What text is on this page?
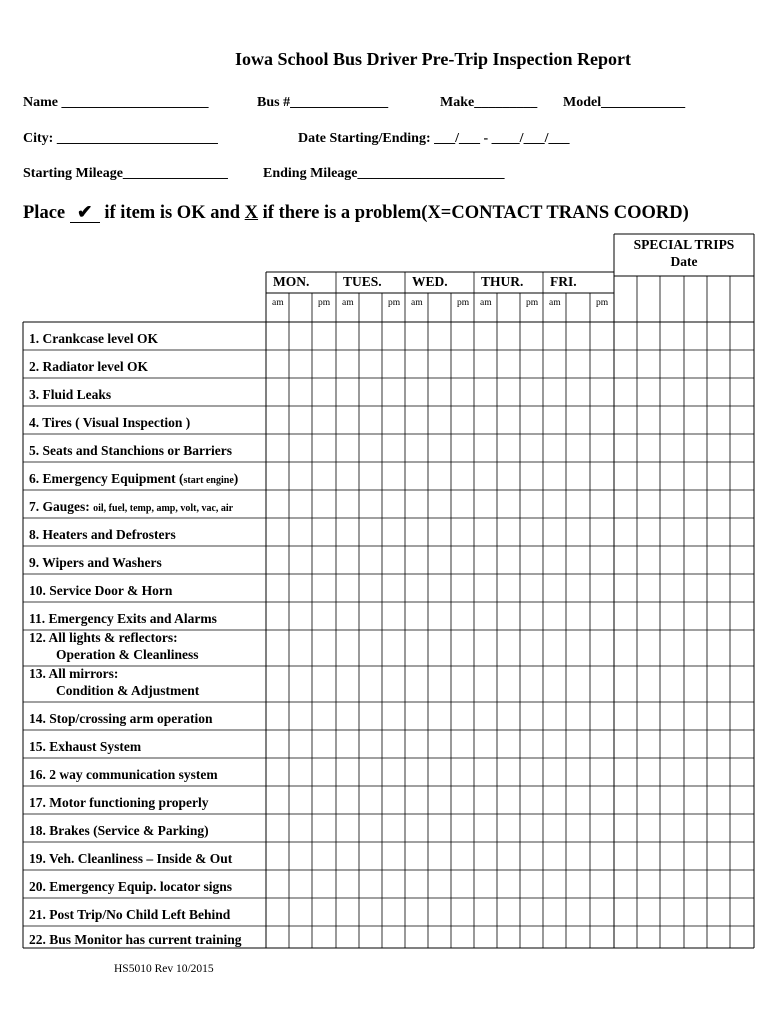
Iowa School Bus Driver Pre-Trip Inspection Report
Name _____________________	Bus #______________	Make_________ Model____________
City: _______________________	Date Starting/Ending: ___/___ - ____/___/___
Starting Mileage_______________	Ending Mileage_____________________
Place ✔ if item is OK and X if there is a problem(X=CONTACT TRANS COORD)
SPECIAL TRIPS
Date
MON.
am	pm
TUES.
am	pm
WED.
am	pm
THUR.
am	pm
FRI.
am	pm
1. Crankcase level OK
2. Radiator level OK
3. Fluid Leaks
4. Tires ( Visual Inspection )
5. Seats and Stanchions or Barriers
6. Emergency Equipment (start engine)
7. Gauges: oil, fuel, temp, amp, volt, vac, air
8. Heaters and Defrosters
9. Wipers and Washers
10. Service Door & Horn
11. Emergency Exits and Alarms
12. All lights & reflectors:
Operation & Cleanliness
13. All mirrors:
Condition & Adjustment
14. Stop/crossing arm operation
15. Exhaust System
16. 2 way communication system
17. Motor functioning properly
18. Brakes (Service & Parking)
19. Veh. Cleanliness – Inside & Out
20. Emergency Equip. locator signs
21. Post Trip/No Child Left Behind
22. Bus Monitor has current training
HS5010 Rev 10/2015
